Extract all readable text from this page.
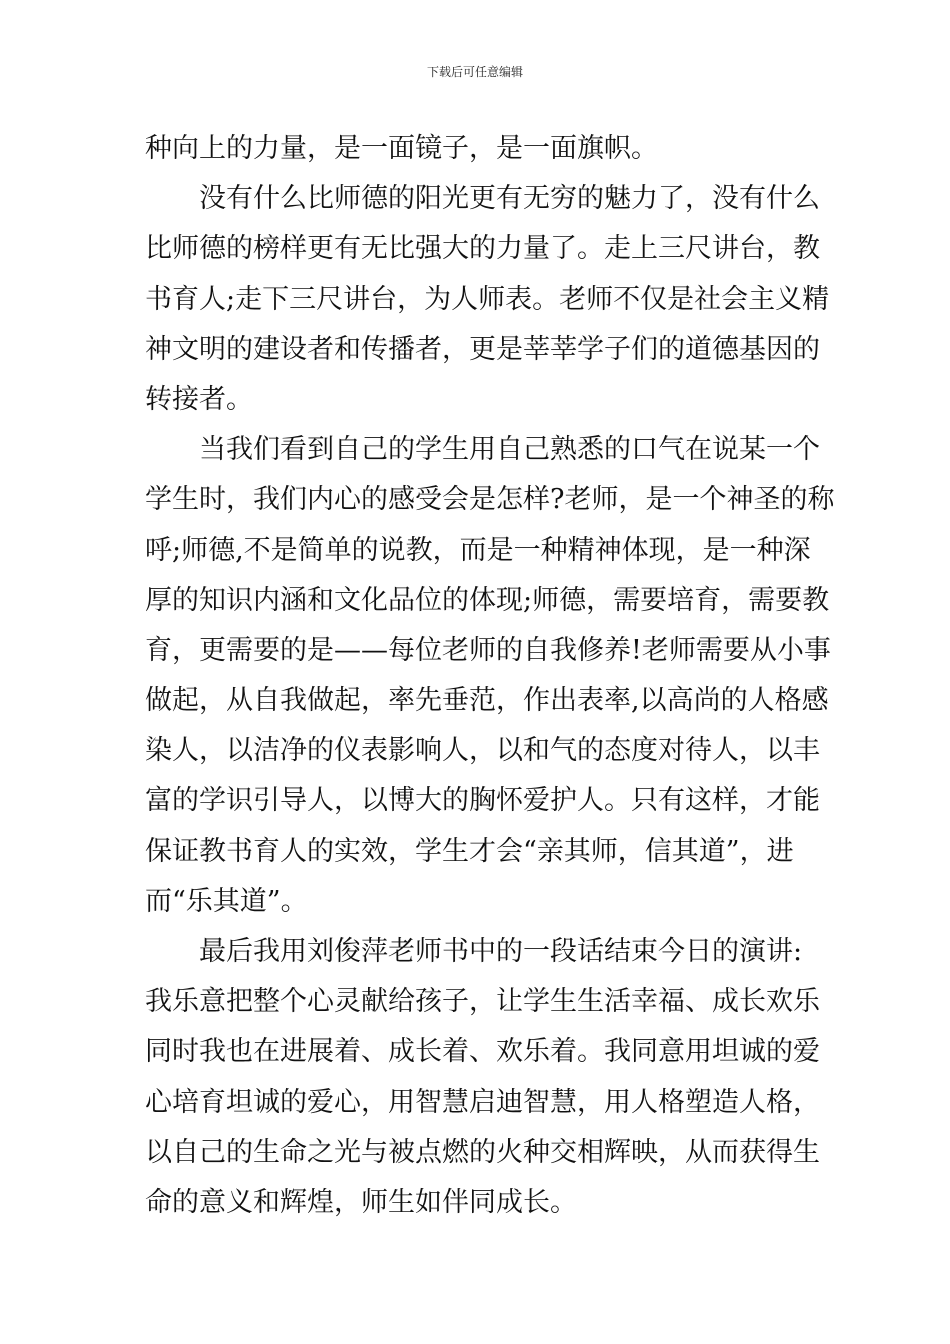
下载后可任意编辑
种向上的力量，是一面镜子，是一面旗帜。
没有什么比师德的阳光更有无穷的魅力了，没有什么
比师德的榜样更有无比强大的力量了。走上三尺讲台，教
书育人;走下三尺讲台，为人师表。老师不仅是社会主义精
神文明的建设者和传播者，更是莘莘学子们的道德基因的
转接者。
当我们看到自己的学生用自己熟悉的口气在说某一个
学生时，我们内心的感受会是怎样?老师，是一个神圣的称
呼;师德,不是简单的说教，而是一种精神体现，是一种深
厚的知识内涵和文化品位的体现;师德，需要培育，需要教
育，更需要的是——每位老师的自我修养!老师需要从小事
做起，从自我做起，率先垂范，作出表率,以高尚的人格感
染人，以洁净的仪表影响人，以和气的态度对待人，以丰
富的学识引导人，以博大的胸怀爱护人。只有这样，才能
保证教书育人的实效，学生才会“亲其师，信其道”，进
而“乐其道”。
最后我用刘俊萍老师书中的一段话结束今日的演讲:
我乐意把整个心灵献给孩子，让学生生活幸福、成长欢乐
同时我也在进展着、成长着、欢乐着。我同意用坦诚的爱
心培育坦诚的爱心，用智慧启迪智慧，用人格塑造人格，
以自己的生命之光与被点燃的火种交相辉映，从而获得生
命的意义和辉煌，师生如伴同成长。
